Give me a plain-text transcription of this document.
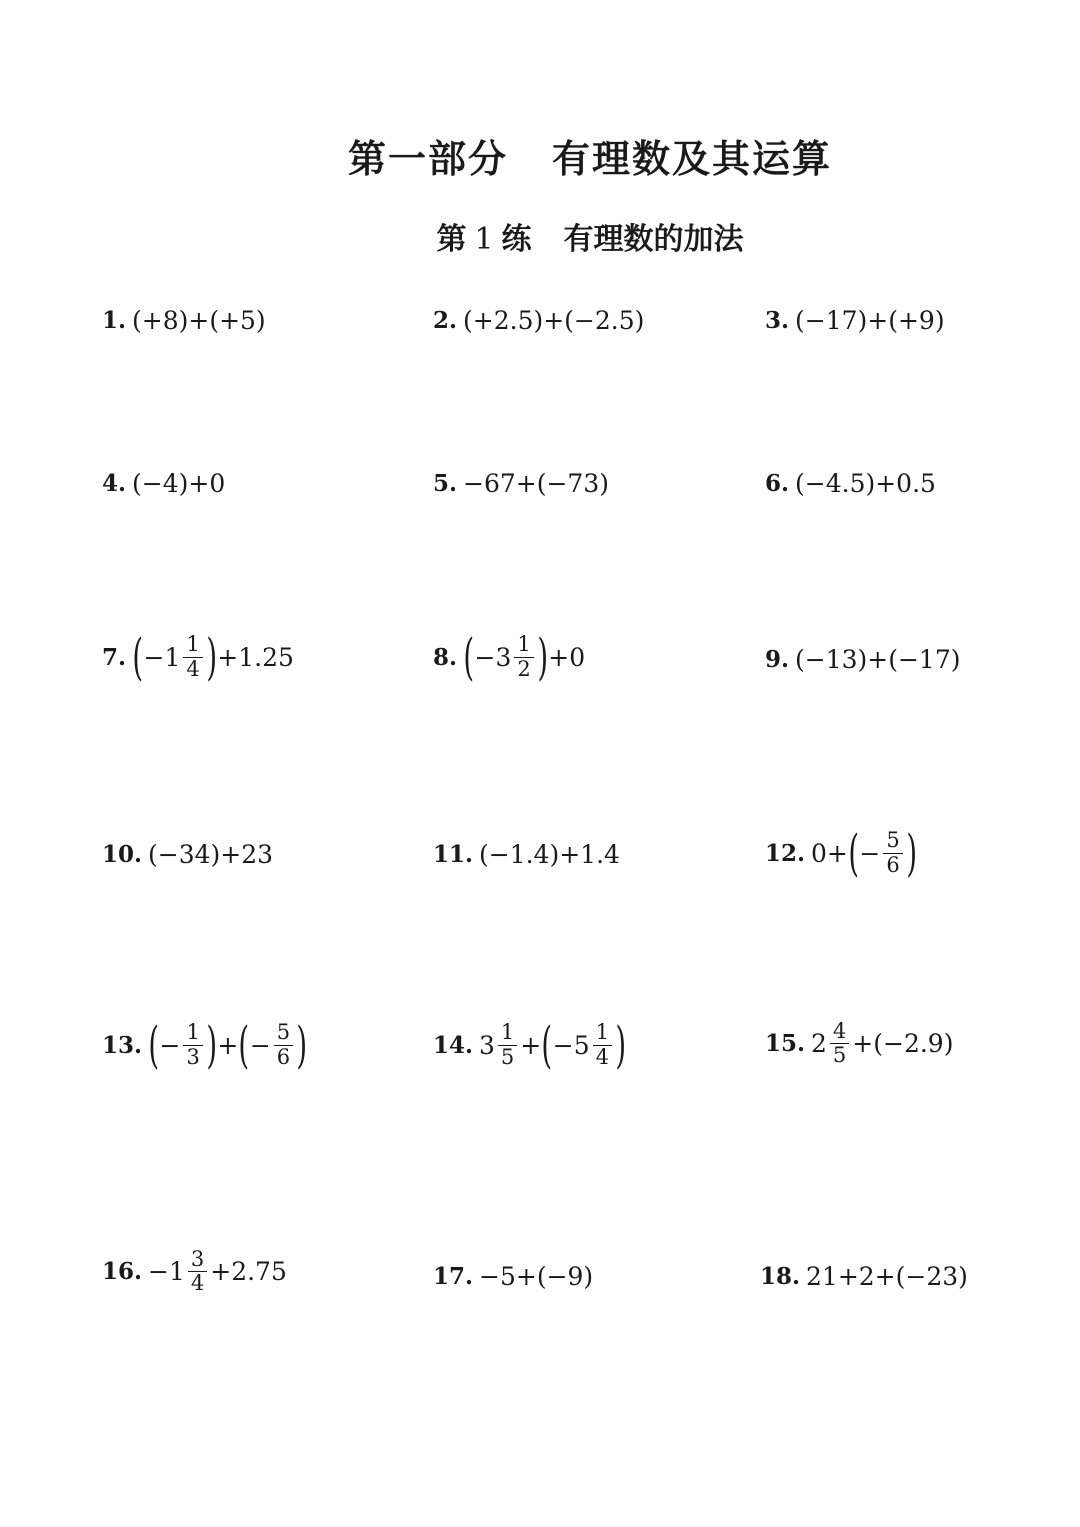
第一部分 有理数及其运算
第 1 练 有理数的加法
1. (+8)+(+5)	2. (+2.5)+(−2.5)	3. (−17)+(+9)
4. (−4)+0	5. −67+(−73)	6. (−4.5)+0.5
7. ( $-1 \frac{1}{4}$ ) +1.25	8. ( $-3 \frac{1}{2}$ ) +0	9. (−13)+(−17)
10. (−34)+23	11. (−1.4)+1.4	12. 0+ ( − $\frac{5}{6}$ )
13. ( − $\frac{1}{3}$ ) + ( − $\frac{5}{6}$ )	14. $3 \frac{1}{5}$ + ( $-5 \frac{1}{4}$ )	15. $2 \frac{4}{5} +(-2.9)$
16. $-1 \frac{3}{4} +2.75$	17. −5+(−9)	18. 21+2+(−23)
